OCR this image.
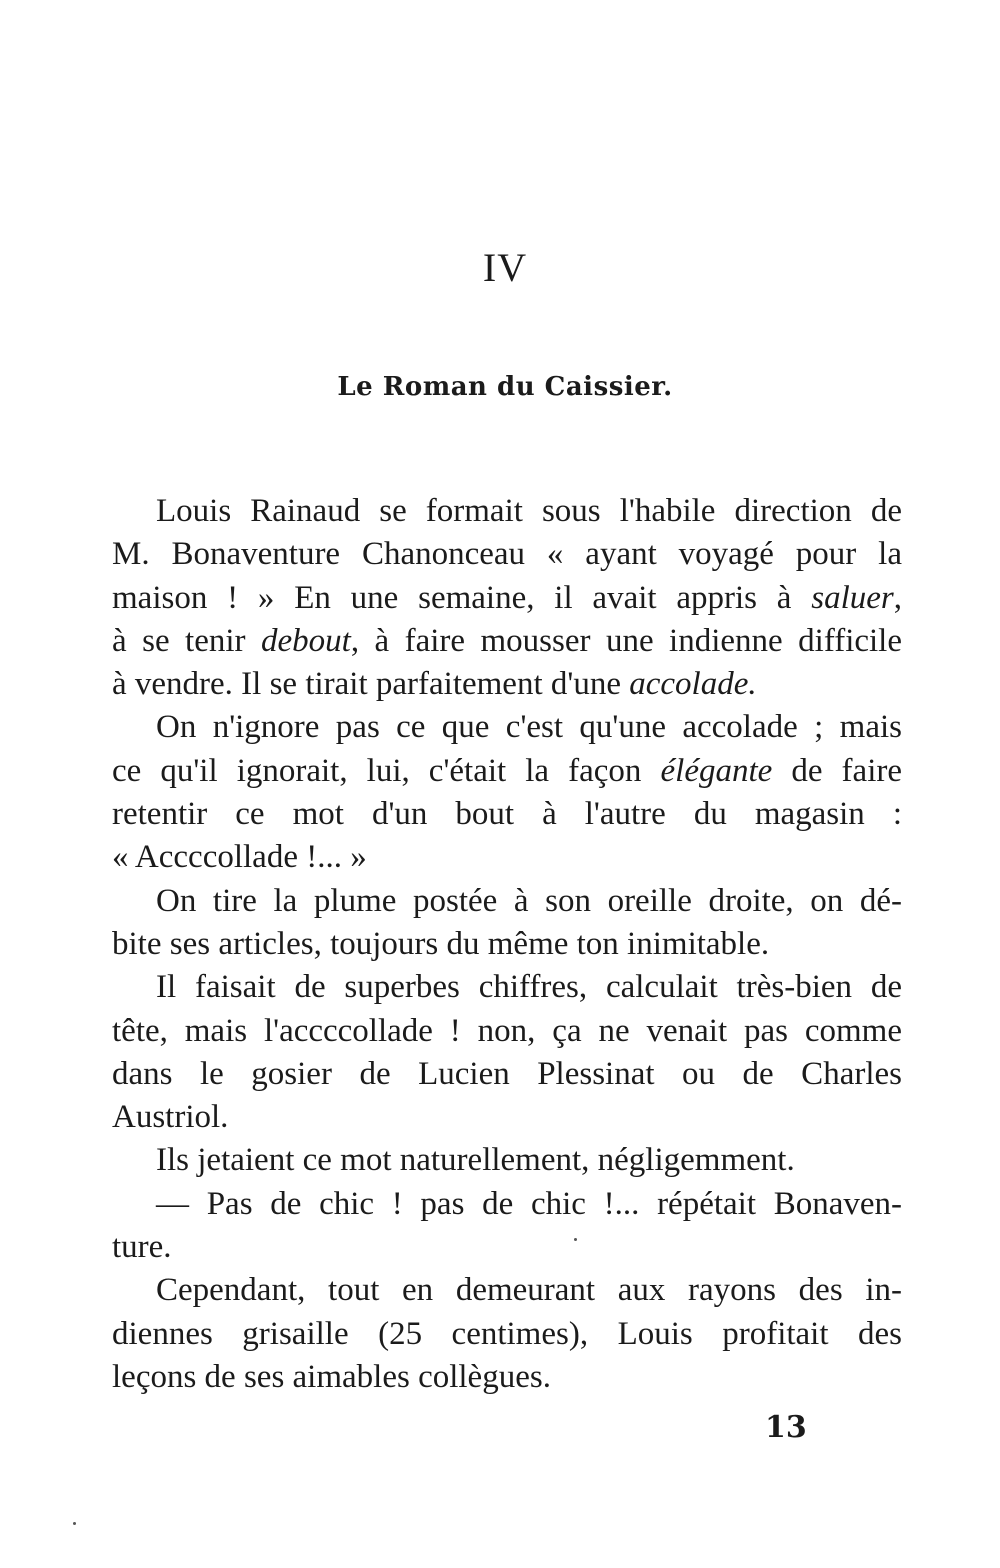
IV
Le Roman du Caissier.
Louis Rainaud se formait sous l'habile direction de
M. Bonaventure Chanonceau « ayant voyagé pour la
maison ! » En une semaine, il avait appris à saluer,
à se tenir debout, à faire mousser une indienne difficile
à vendre. Il se tirait parfaitement d'une accolade.
On n'ignore pas ce que c'est qu'une accolade ; mais
ce qu'il ignorait, lui, c'était la façon élégante de faire
retentir ce mot d'un bout à l'autre du magasin :
« Accccollade !... »
On tire la plume postée à son oreille droite, on dé-
bite ses articles, toujours du même ton inimitable.
Il faisait de superbes chiffres, calculait très-bien de
tête, mais l'accccollade ! non, ça ne venait pas comme
dans le gosier de Lucien Plessinat ou de Charles
Austriol.
Ils jetaient ce mot naturellement, négligemment.
— Pas de chic ! pas de chic !... répétait Bonaven-
ture.
Cependant, tout en demeurant aux rayons des in-
diennes grisaille (25 centimes), Louis profitait des
leçons de ses aimables collègues.
13
